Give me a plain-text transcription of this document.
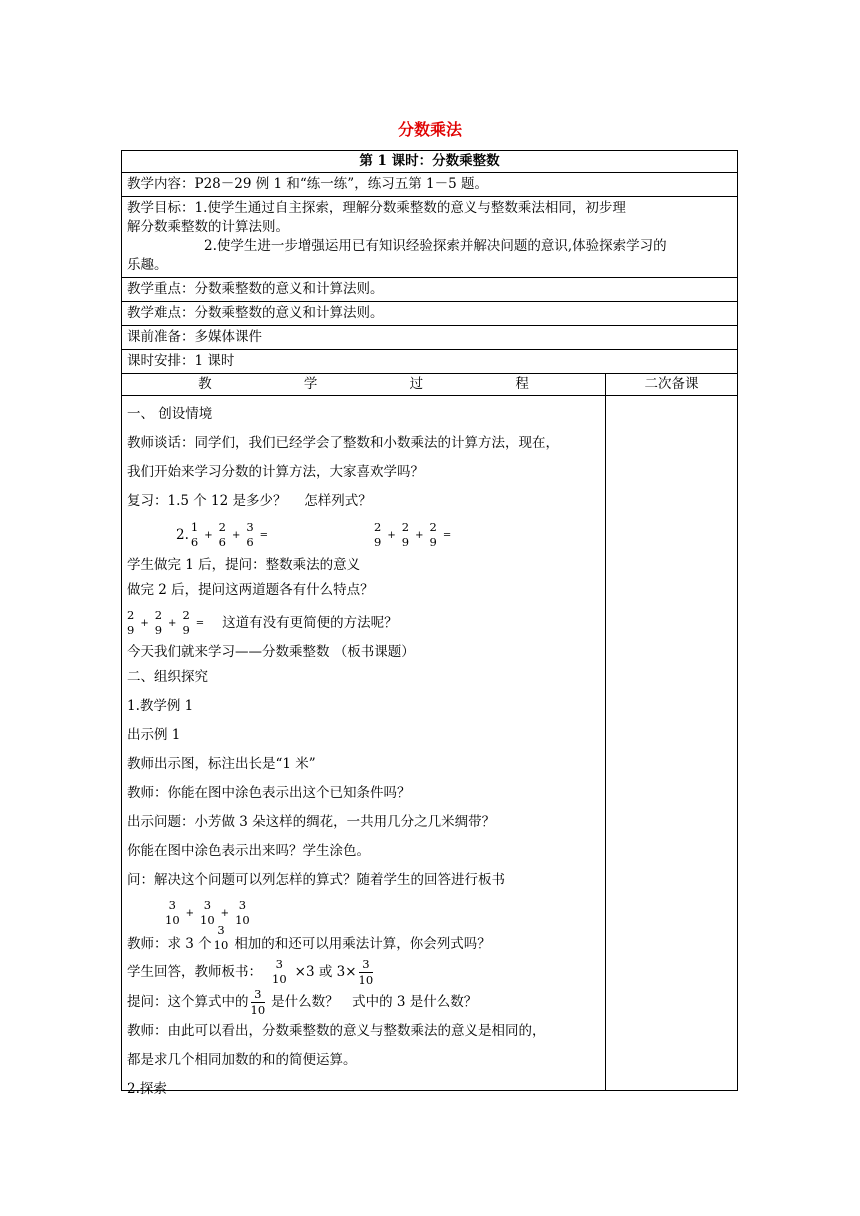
分数乘法
第 1 课时：分数乘整数
教学内容：P28－29 例 1 和“练一练”，练习五第 1－5 题。
教学目标：1.使学生通过自主探索，理解分数乘整数的意义与整数乘法相同，初步理
解分数乘整数的计算法则。
2.使学生进一步增强运用已有知识经验探索并解决问题的意识,体验探索学习的
乐趣。
教学重点：分数乘整数的意义和计算法则。
教学难点：分数乘整数的意义和计算法则。
课前准备：多媒体课件
课时安排：1 课时
教	学	过	程	二次备课
一、 创设情境
教师谈话：同学们，我们已经学会了整数和小数乘法的计算方法，现在，
我们开始来学习分数的计算方法，大家喜欢学吗？
复习：1.5 个 12 是多少？　 怎样列式？
2. 1
6 +
2
6 +
3
6 =
2
9 +
2
9 +
2
9 =
学生做完 1 后，提问：整数乘法的意义
做完 2 后，提问这两道题各有什么特点？
2
9 +
2
9 +
2
9 = 这道有没有更简便的方法呢？
今天我们就来学习——分数乘整数 （板书课题）
二、组织探究
1.教学例 1
出示例 1
教师出示图，标注出长是“1 米”
教师：你能在图中涂色表示出这个已知条件吗？
出示问题：小芳做 3 朵这样的绸花，一共用几分之几米绸带？
你能在图中涂色表示出来吗？学生涂色。
问：解决这个问题可以列怎样的算式？随着学生的回答进行板书
3
10 +
3
10 +
3
10
教师：求 3 个
3
10 相加的和还可以用乘法计算，你会列式吗？
学生回答，教师板书：	3
10 ×3 或 $3\times \frac{3}{10}$
提问：这个算式中的 $\frac{3}{10}$ 是什么数？　式中的 3 是什么数？
教师：由此可以看出，分数乘整数的意义与整数乘法的意义是相同的，
都是求几个相同加数的和的简便运算。
2.探索
